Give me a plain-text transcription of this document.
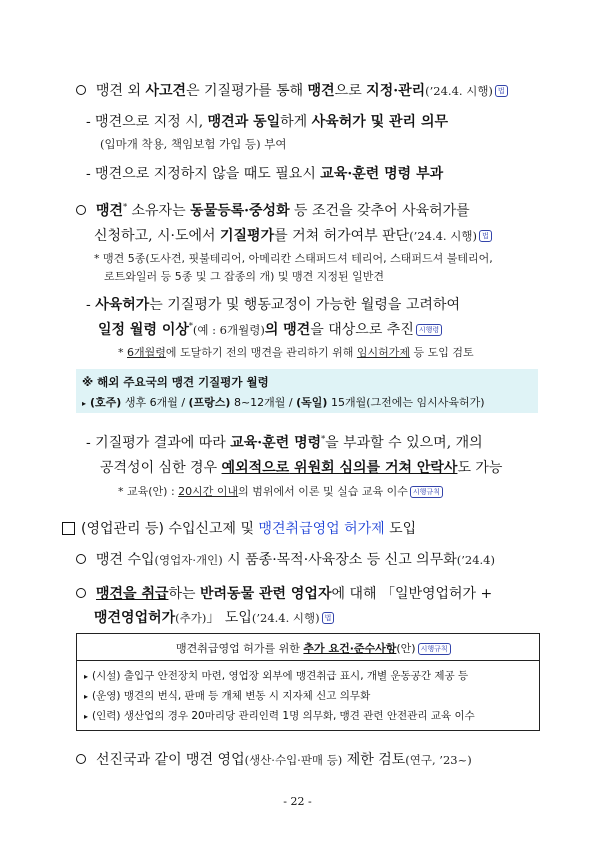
맹견 외 사고견은 기질평가를 통해 맹견으로 지정·관리(’24.4. 시행) 법
- 맹견으로 지정 시, 맹견과 동일하게 사육허가 및 관리 의무
(입마개 착용, 책임보험 가입 등) 부여
- 맹견으로 지정하지 않을 때도 필요시 교육·훈련 명령 부과
맹견* 소유자는 동물등록·중성화 등 조건을 갖추어 사육허가를
신청하고, 시·도에서 기질평가를 거쳐 허가여부 판단(’24.4. 시행) 법
* 맹견 5종(도사견, 핏불테리어, 아메리칸 스태퍼드셔 테리어, 스태퍼드셔 불테리어,
로트와일러 등 5종 및 그 잡종의 개) 및 맹견 지정된 일반견
- 사육허가는 기질평가 및 행동교정이 가능한 월령을 고려하여
일정 월령 이상*(예 : 6개월령)의 맹견을 대상으로 추진 시행령
* 6개월령에 도달하기 전의 맹견을 관리하기 위해 임시허가제 등 도입 검토
※ 해외 주요국의 맹견 기질평가 월령
▸ (호주) 생후 6개월 / (프랑스) 8~12개월 / (독일) 15개월(그전에는 임시사육허가)
- 기질평가 결과에 따라 교육·훈련 명령*을 부과할 수 있으며, 개의
공격성이 심한 경우 예외적으로 위원회 심의를 거쳐 안락사도 가능
* 교육(안) : 20시간 이내의 범위에서 이론 및 실습 교육 이수 시행규칙
(영업관리 등) 수입신고제 및 맹견취급영업 허가제 도입
맹견 수입(영업자·개인) 시 품종·목적·사육장소 등 신고 의무화(’24.4)
맹견을 취급하는 반려동물 관련 영업자에 대해 「일반영업허가 +
맹견영업허가(추가)」 도입(’24.4. 시행) 법
맹견취급영업 허가를 위한 추가 요건·준수사항(안) 시행규칙
▸ (시설) 출입구 안전장치 마련, 영업장 외부에 맹견취급 표시, 개별 운동공간 제공 등
▸ (운영) 맹견의 번식, 판매 등 개체 변동 시 지자체 신고 의무화
▸ (인력) 생산업의 경우 20마리당 관리인력 1명 의무화, 맹견 관련 안전관리 교육 이수
선진국과 같이 맹견 영업(생산·수입·판매 등) 제한 검토(연구, ’23~)
- 22 -
